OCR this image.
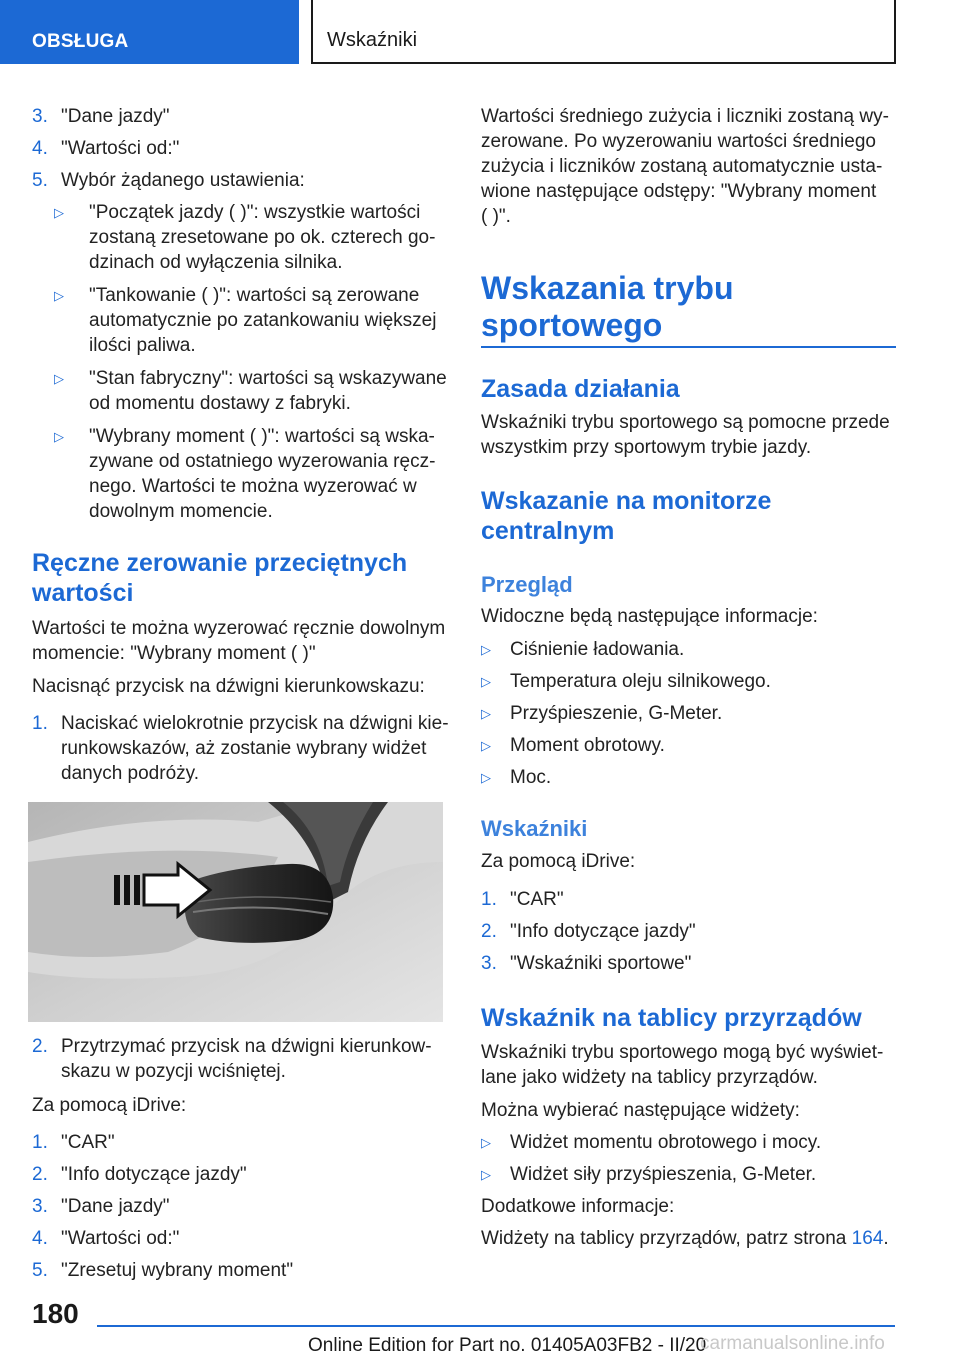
OBSŁUGA	Wskaźniki
3. "Dane jazdy"
4. "Wartości od:"
5. Wybór żądanego ustawienia:
▷ "Początek jazdy ( )": wszystkie wartości
zostaną zresetowane po ok. czterech go-
dzinach od wyłączenia silnika.
▷ "Tankowanie ( )": wartości są zerowane
automatycznie po zatankowaniu większej
ilości paliwa.
▷ "Stan fabryczny": wartości są wskazywane
od momentu dostawy z fabryki.
▷ "Wybrany moment ( )": wartości są wska-
zywane od ostatniego wyzerowania ręcz-
nego. Wartości te można wyzerować w
dowolnym momencie.
Ręczne zerowanie przeciętnych
wartości
Wartości te można wyzerować ręcznie dowolnym
momencie: "Wybrany moment ( )"
Nacisnąć przycisk na dźwigni kierunkowskazu:
1. Naciskać wielokrotnie przycisk na dźwigni kie-
runkowskazów, aż zostanie wybrany widżet
danych podróży.
2. Przytrzymać przycisk na dźwigni kierunkow-
skazu w pozycji wciśniętej.
Za pomocą iDrive:
1. "CAR"
2. "Info dotyczące jazdy"
3. "Dane jazdy"
4. "Wartości od:"
5. "Zresetuj wybrany moment"
Wartości średniego zużycia i liczniki zostaną wy-
zerowane. Po wyzerowaniu wartości średniego
zużycia i liczników zostaną automatycznie usta-
wione następujące odstępy: "Wybrany moment
( )".
Wskazania trybu
sportowego
Zasada działania
Wskaźniki trybu sportowego są pomocne przede
wszystkim przy sportowym trybie jazdy.
Wskazanie na monitorze
centralnym
Przegląd
Widoczne będą następujące informacje:
▷ Ciśnienie ładowania.
▷ Temperatura oleju silnikowego.
▷ Przyśpieszenie, G-Meter.
▷ Moment obrotowy.
▷ Moc.
Wskaźniki
Za pomocą iDrive:
1. "CAR"
2. "Info dotyczące jazdy"
3. "Wskaźniki sportowe"
Wskaźnik na tablicy przyrządów
Wskaźniki trybu sportowego mogą być wyświet-
lane jako widżety na tablicy przyrządów.
Można wybierać następujące widżety:
▷ Widżet momentu obrotowego i mocy.
▷ Widżet siły przyśpieszenia, G-Meter.
Dodatkowe informacje:
Widżety na tablicy przyrządów, patrz strona 164.
180
Online Edition for Part no. 01405A03FB2 - II/20
carmanualsonline.info
